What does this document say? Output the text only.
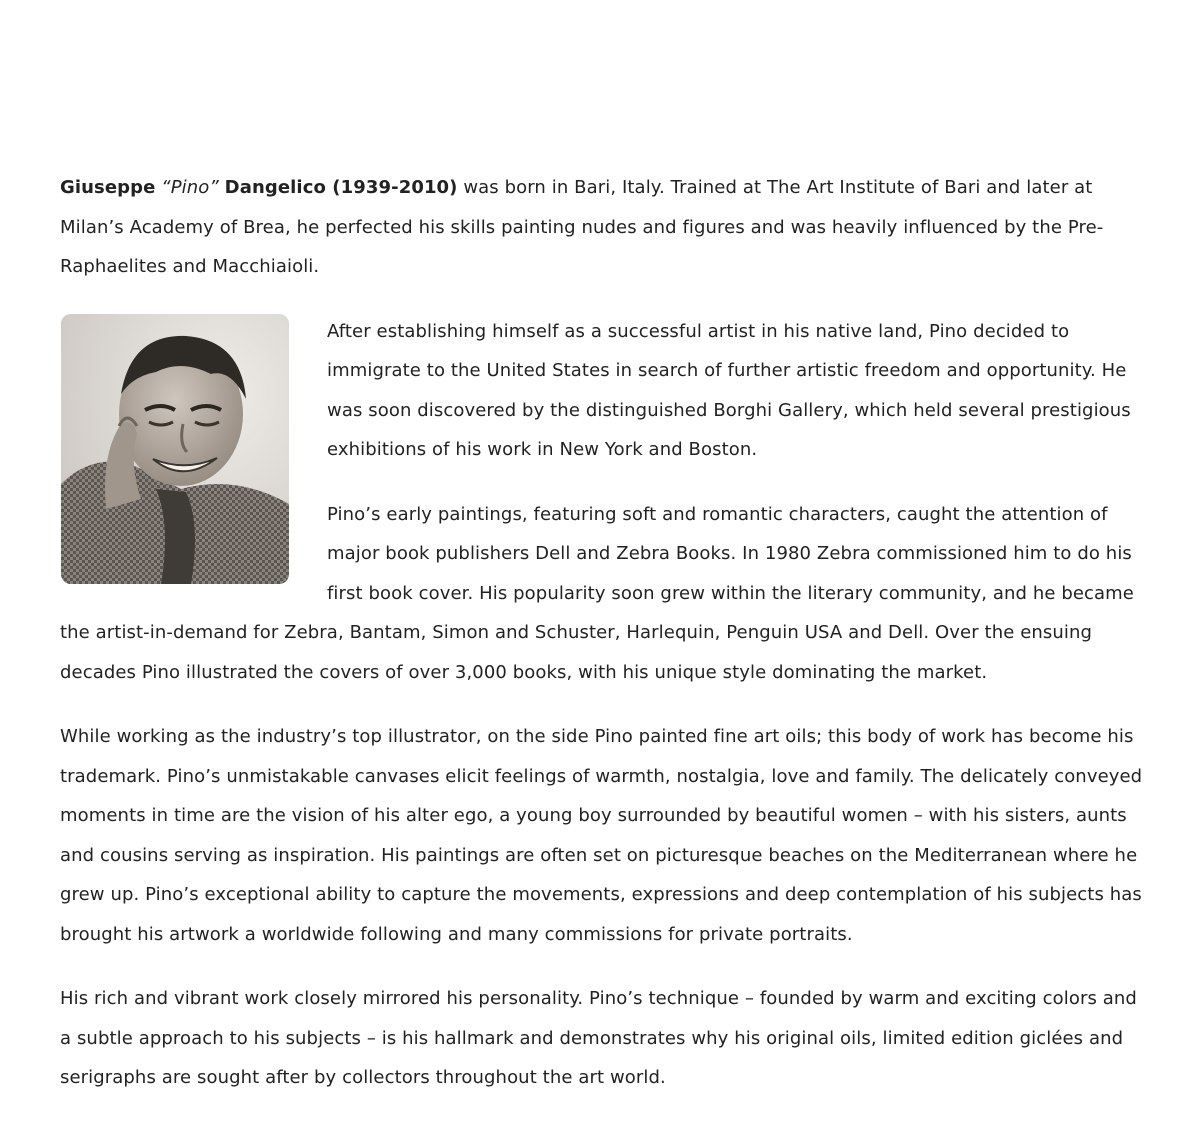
Giuseppe “Pino” Dangelico (1939-2010) was born in Bari, Italy. Trained at The Art Institute of Bari and later at Milan’s Academy of Brea, he perfected his skills painting nudes and figures and was heavily influenced by the Pre-Raphaelites and Macchiaioli.

After establishing himself as a successful artist in his native land, Pino decided to immigrate to the United States in search of further artistic freedom and opportunity. He was soon discovered by the distinguished Borghi Gallery, which held several prestigious exhibitions of his work in New York and Boston.

Pino’s early paintings, featuring soft and romantic characters, caught the attention of major book publishers Dell and Zebra Books. In 1980 Zebra commissioned him to do his first book cover. His popularity soon grew within the literary community, and he became the artist-in-demand for Zebra, Bantam, Simon and Schuster, Harlequin, Penguin USA and Dell. Over the ensuing decades Pino illustrated the covers of over 3,000 books, with his unique style dominating the market.

While working as the industry’s top illustrator, on the side Pino painted fine art oils; this body of work has become his trademark. Pino’s unmistakable canvases elicit feelings of warmth, nostalgia, love and family. The delicately conveyed moments in time are the vision of his alter ego, a young boy surrounded by beautiful women – with his sisters, aunts and cousins serving as inspiration. His paintings are often set on picturesque beaches on the Mediterranean where he grew up. Pino’s exceptional ability to capture the movements, expressions and deep contemplation of his subjects has brought his artwork a worldwide following and many commissions for private portraits.

His rich and vibrant work closely mirrored his personality. Pino’s technique – founded by warm and exciting colors and a subtle approach to his subjects – is his hallmark and demonstrates why his original oils, limited edition giclées and serigraphs are sought after by collectors throughout the art world.
